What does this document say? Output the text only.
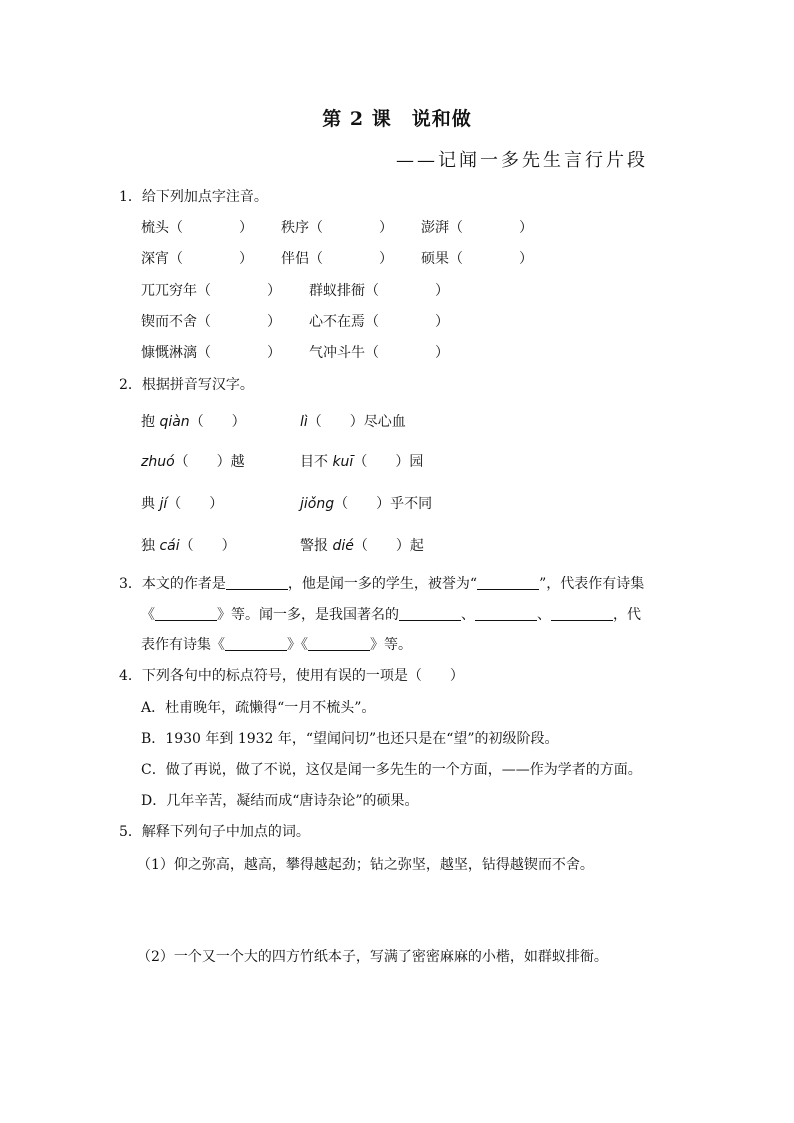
第 2 课　说和做
——记闻一多先生言行片段
1．给下列加点字注音。
梳头（　　　　） 秩序（　　　　） 澎湃（　　　　）
深宵（　　　　） 伴侣（　　　　） 硕果（　　　　）
兀兀穷年（　　　　） 群蚁排衙（　　　　）
锲而不舍（　　　　） 心不在焉（　　　　）
慷慨淋漓（　　　　） 气冲斗牛（　　　　）
2．根据拼音写汉字。
抱 qiàn（　　）	lì（　　）尽心血
zhuó（　　）越	目不 kuī（　　）园
典 jí（　　）	jiǒng（　　）乎不同
独 cái（　　）	警报 dié（　　）起
3．本文的作者是	，他是闻一多的学生，被誉为“	”，代表作有诗集
《	》等。闻一多，是我国著名的	、	、	，代
表作有诗集《	》《	》等。
4．下列各句中的标点符号，使用有误的一项是（　　）
A．杜甫晚年，疏懒得“一月不梳头”。
B．1930 年到 1932 年，“望闻问切”也还只是在“望”的初级阶段。
C．做了再说，做了不说，这仅是闻一多先生的一个方面，——作为学者的方面。
D．几年辛苦，凝结而成“唐诗杂论”的硕果。
5．解释下列句子中加点的词。
（1）仰之弥高，越高，攀得越起劲；钻之弥坚，越坚，钻得越锲而不舍。
（2）一个又一个大的四方竹纸本子，写满了密密麻麻的小楷，如群蚁排衙。
